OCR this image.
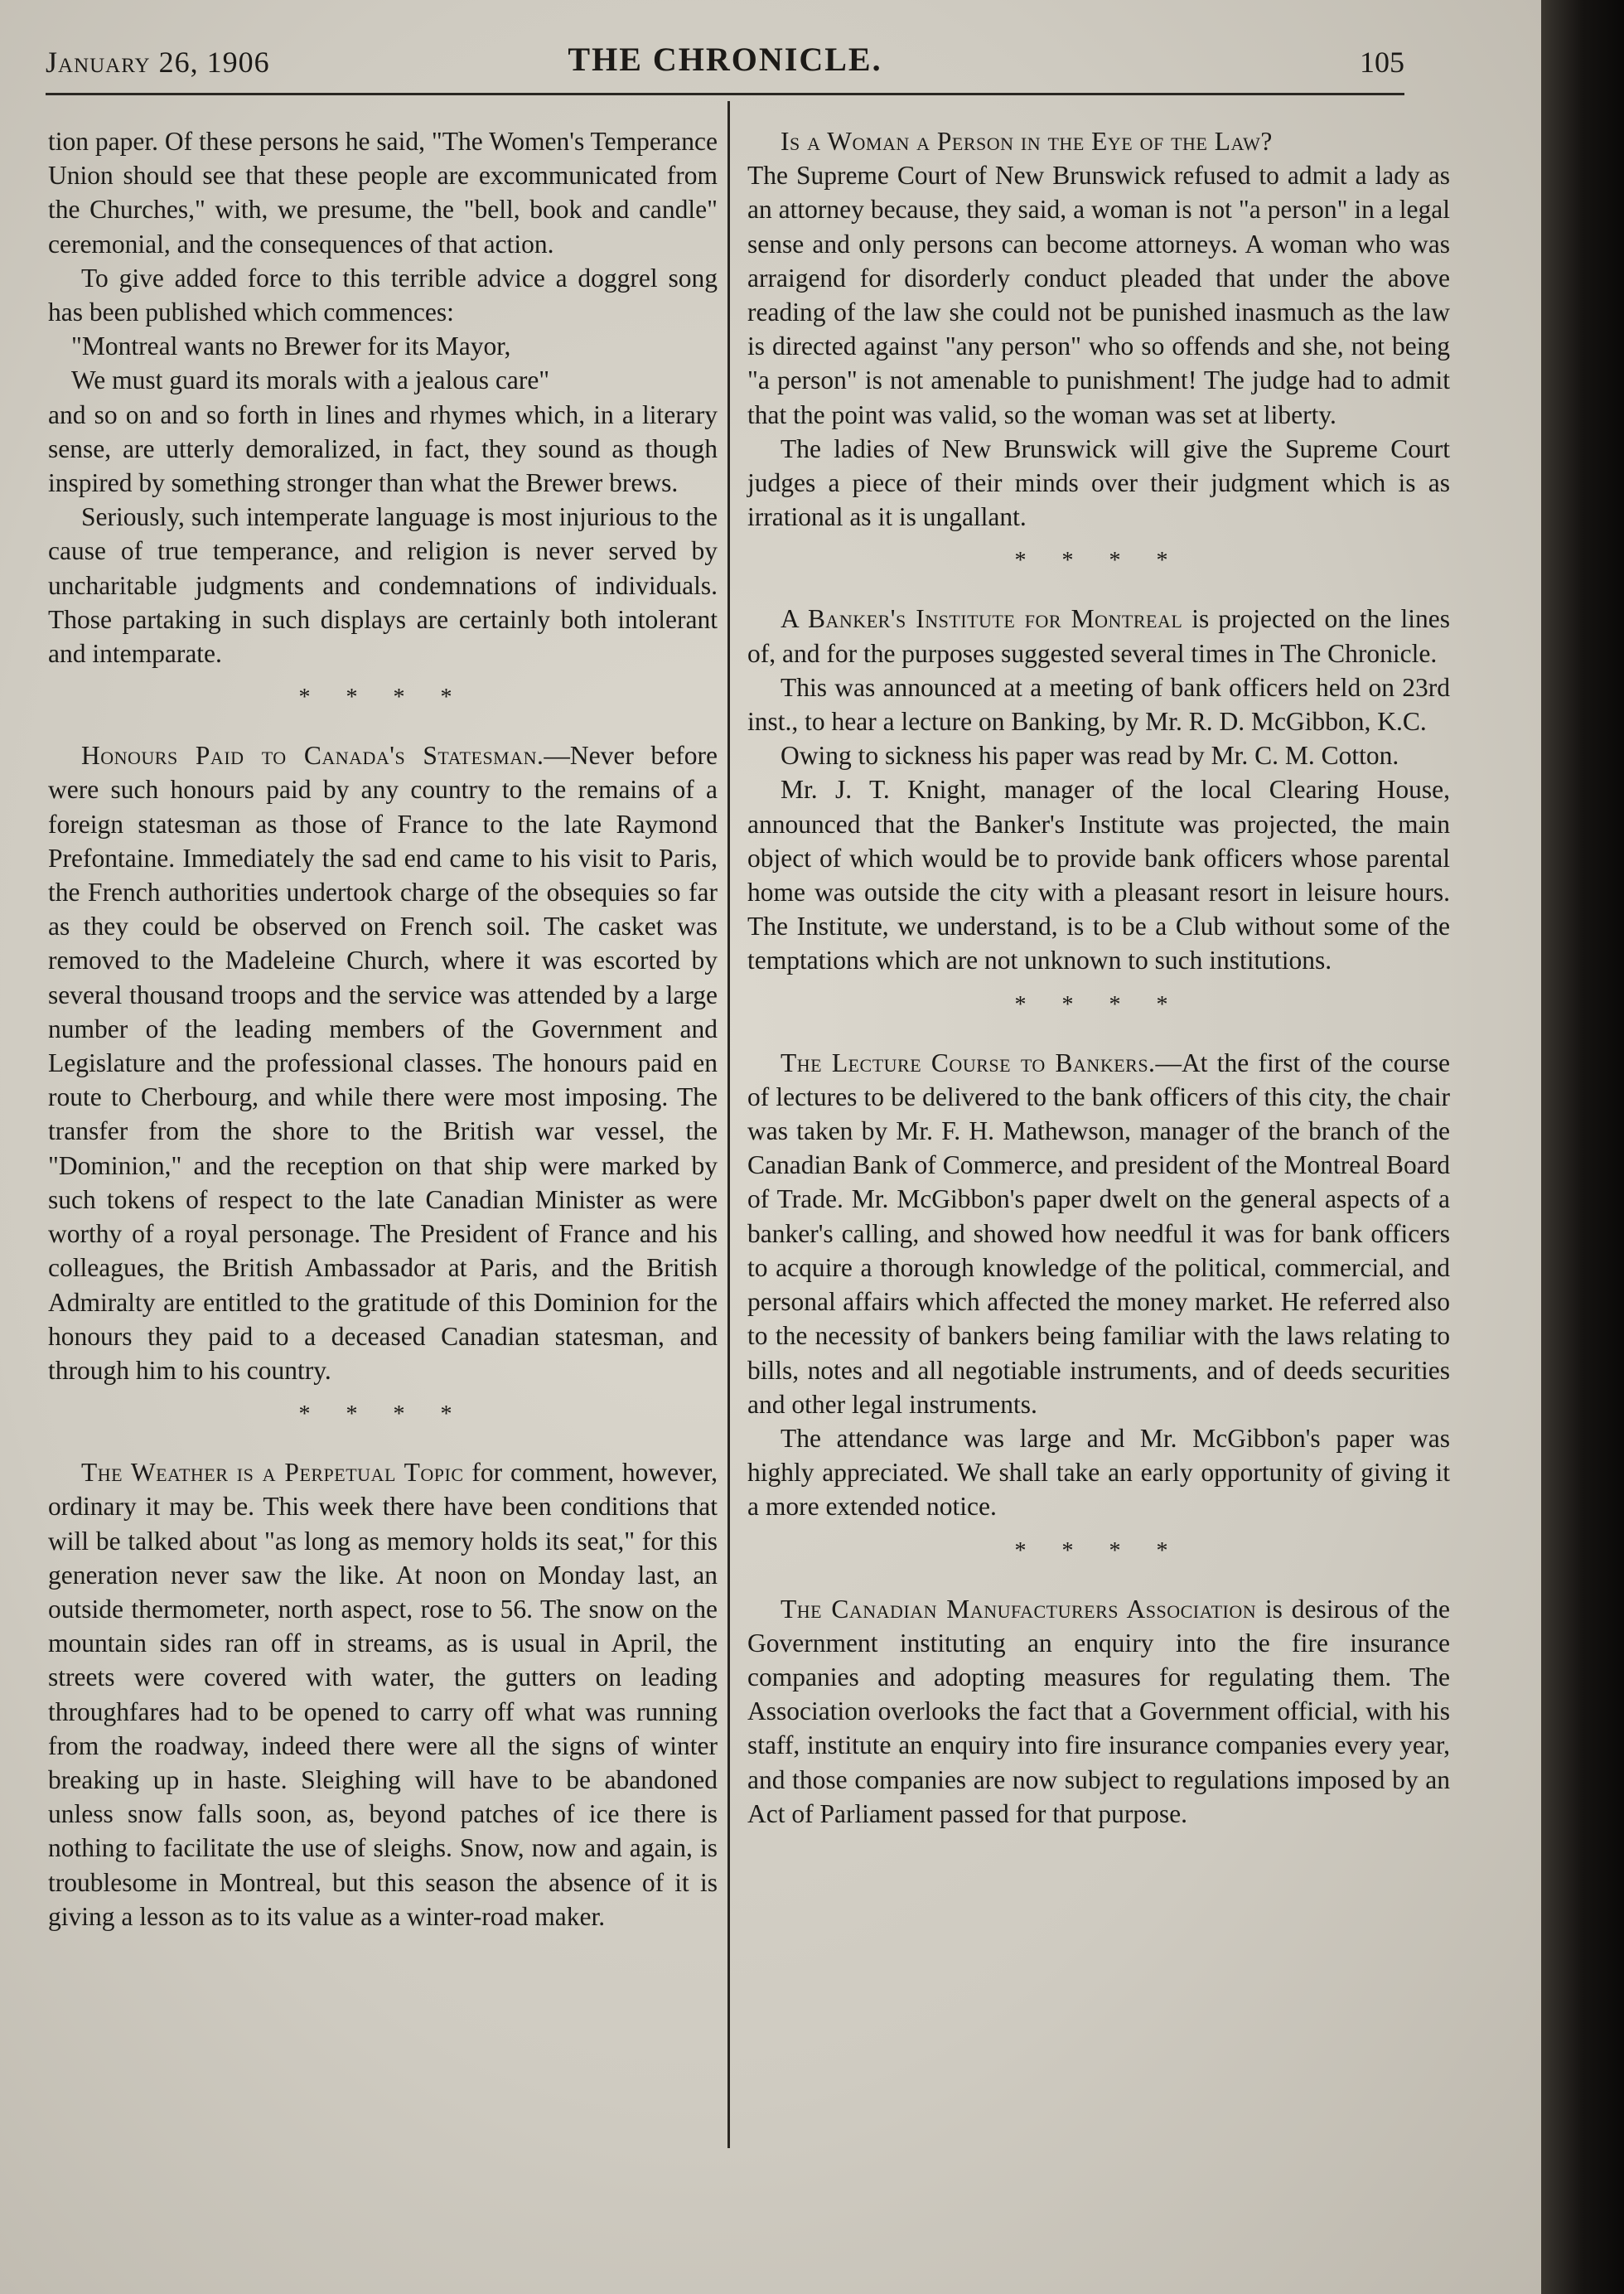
January 26, 1906	THE CHRONICLE.	105

tion paper. Of these persons he said, "The Women's Temperance Union should see that these people are excommunicated from the Churches," with, we presume, the "bell, book and candle" ceremonial, and the consequences of that action.

To give added force to this terrible advice a doggrel song has been published which commences:

"Montreal wants no Brewer for its Mayor,

We must guard its morals with a jealous care"

and so on and so forth in lines and rhymes which, in a literary sense, are utterly demoralized, in fact, they sound as though inspired by something stronger than what the Brewer brews.

Seriously, such intemperate language is most injurious to the cause of true temperance, and religion is never served by uncharitable judgments and condemnations of individuals. Those partaking in such displays are certainly both intolerant and intemparate.

* * * *

Honours Paid to Canada's Statesman.—Never before were such honours paid by any country to the remains of a foreign statesman as those of France to the late Raymond Prefontaine. Immediately the sad end came to his visit to Paris, the French authorities undertook charge of the obsequies so far as they could be observed on French soil. The casket was removed to the Madeleine Church, where it was escorted by several thousand troops and the service was attended by a large number of the leading members of the Government and Legislature and the professional classes. The honours paid en route to Cherbourg, and while there were most imposing. The transfer from the shore to the British war vessel, the "Dominion," and the reception on that ship were marked by such tokens of respect to the late Canadian Minister as were worthy of a royal personage. The President of France and his colleagues, the British Ambassador at Paris, and the British Admiralty are entitled to the gratitude of this Dominion for the honours they paid to a deceased Canadian statesman, and through him to his country.

* * * *

The Weather is a Perpetual Topic for comment, however, ordinary it may be. This week there have been conditions that will be talked about "as long as memory holds its seat," for this generation never saw the like. At noon on Monday last, an outside thermometer, north aspect, rose to 56. The snow on the mountain sides ran off in streams, as is usual in April, the streets were covered with water, the gutters on leading throughfares had to be opened to carry off what was running from the roadway, indeed there were all the signs of winter breaking up in haste. Sleighing will have to be abandoned unless snow falls soon, as, beyond patches of ice there is nothing to facilitate the use of sleighs. Snow, now and again, is troublesome in Montreal, but this season the absence of it is giving a lesson as to its value as a winter-road maker.

Is a Woman a Person in the Eye of the Law?

The Supreme Court of New Brunswick refused to admit a lady as an attorney because, they said, a woman is not "a person" in a legal sense and only persons can become attorneys. A woman who was arraigend for disorderly conduct pleaded that under the above reading of the law she could not be punished inasmuch as the law is directed against "any person" who so offends and she, not being "a person" is not amenable to punishment! The judge had to admit that the point was valid, so the woman was set at liberty.

The ladies of New Brunswick will give the Supreme Court judges a piece of their minds over their judgment which is as irrational as it is ungallant.

* * * *

A Banker's Institute for Montreal is projected on the lines of, and for the purposes suggested several times in The Chronicle.

This was announced at a meeting of bank officers held on 23rd inst., to hear a lecture on Banking, by Mr. R. D. McGibbon, K.C.

Owing to sickness his paper was read by Mr. C. M. Cotton.

Mr. J. T. Knight, manager of the local Clearing House, announced that the Banker's Institute was projected, the main object of which would be to provide bank officers whose parental home was outside the city with a pleasant resort in leisure hours. The Institute, we understand, is to be a Club without some of the temptations which are not unknown to such institutions.

* * * *

The Lecture Course to Bankers.—At the first of the course of lectures to be delivered to the bank officers of this city, the chair was taken by Mr. F. H. Mathewson, manager of the branch of the Canadian Bank of Commerce, and president of the Montreal Board of Trade. Mr. McGibbon's paper dwelt on the general aspects of a banker's calling, and showed how needful it was for bank officers to acquire a thorough knowledge of the political, commercial, and personal affairs which affected the money market. He referred also to the necessity of bankers being familiar with the laws relating to bills, notes and all negotiable instruments, and of deeds securities and other legal instruments.

The attendance was large and Mr. McGibbon's paper was highly appreciated. We shall take an early opportunity of giving it a more extended notice.

* * * *

The Canadian Manufacturers Association is desirous of the Government instituting an enquiry into the fire insurance companies and adopting measures for regulating them. The Association overlooks the fact that a Government official, with his staff, institute an enquiry into fire insurance companies every year, and those companies are now subject to regulations imposed by an Act of Parliament passed for that purpose.
